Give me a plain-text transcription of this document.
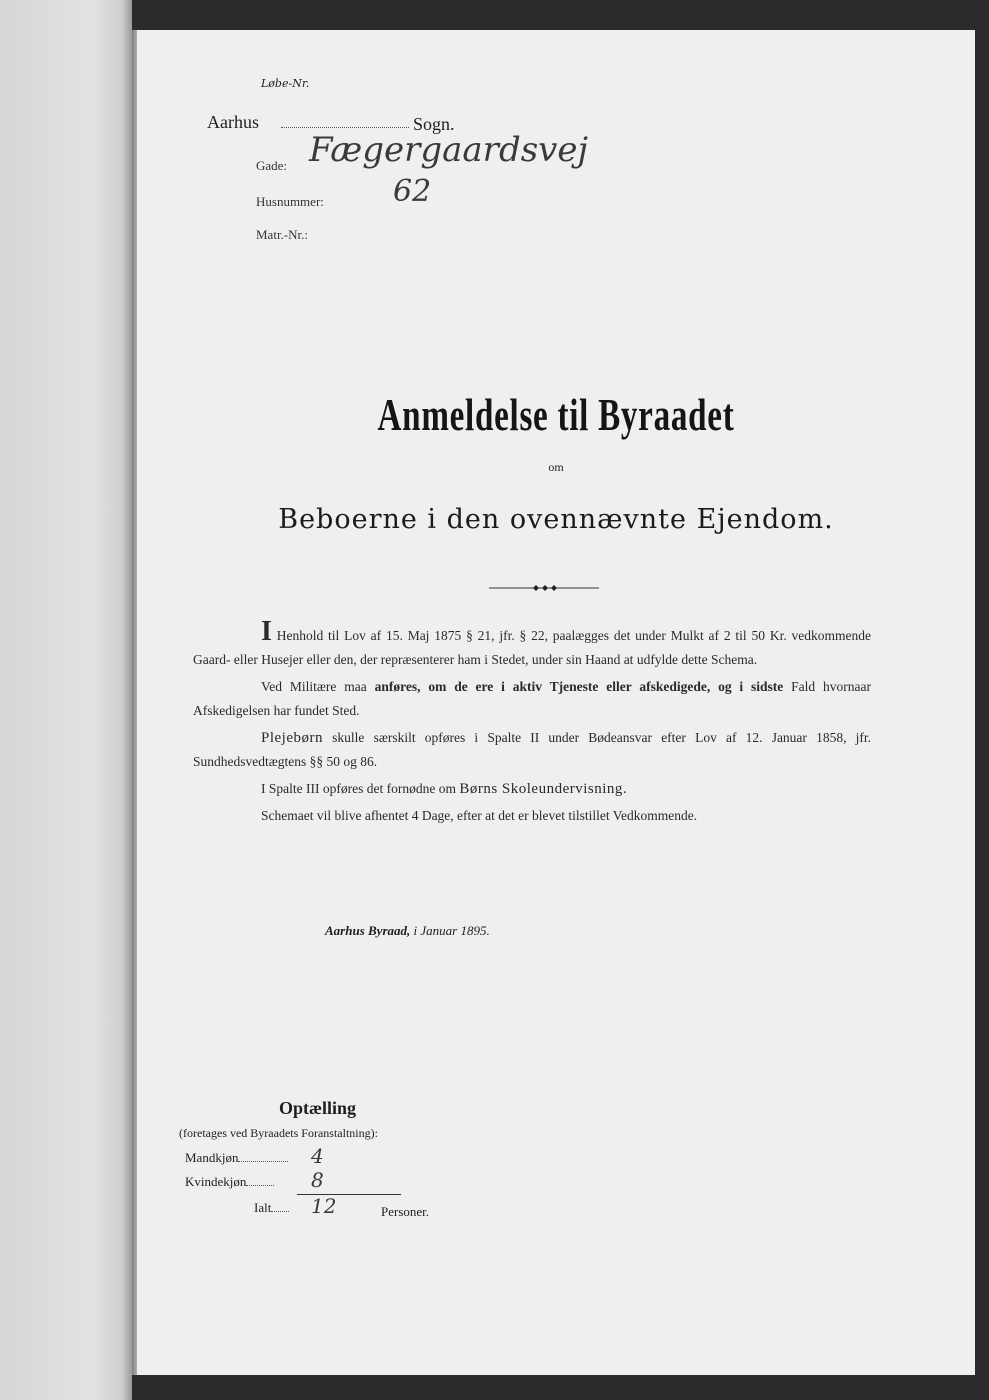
Løbe-Nr.
Aarhus	Sogn.
Gade: Fægergaardsvej
Husnummer: 62
Matr.-Nr.:
Anmeldelse til Byraadet
om
Beboerne i den ovennævnte Ejendom.

I Henhold til Lov af 15. Maj 1875 § 21, jfr. § 22, paalægges det under Mulkt af 2 til 50 Kr. vedkommende Gaard- eller Husejer eller den, der repræsenterer ham i Stedet, under sin Haand at udfylde dette Schema.

Ved Militære maa anføres, om de ere i aktiv Tjeneste eller afskedigede, og i sidste Fald hvornaar Afskedigelsen har fundet Sted.

Plejebørn skulle særskilt opføres i Spalte II under Bødeansvar efter Lov af 12. Januar 1858, jfr. Sundhedsvedtægtens §§ 50 og 86.

I Spalte III opføres det fornødne om Børns Skoleundervisning.

Schemaet vil blive afhentet 4 Dage, efter at det er blevet tilstillet Vedkommende.

Aarhus Byraad, i Januar 1895.
Optælling
(foretages ved Byraadets Foranstaltning):
Mandkjøn	4
Kvindekjøn	8
Ialt	12	Personer.
